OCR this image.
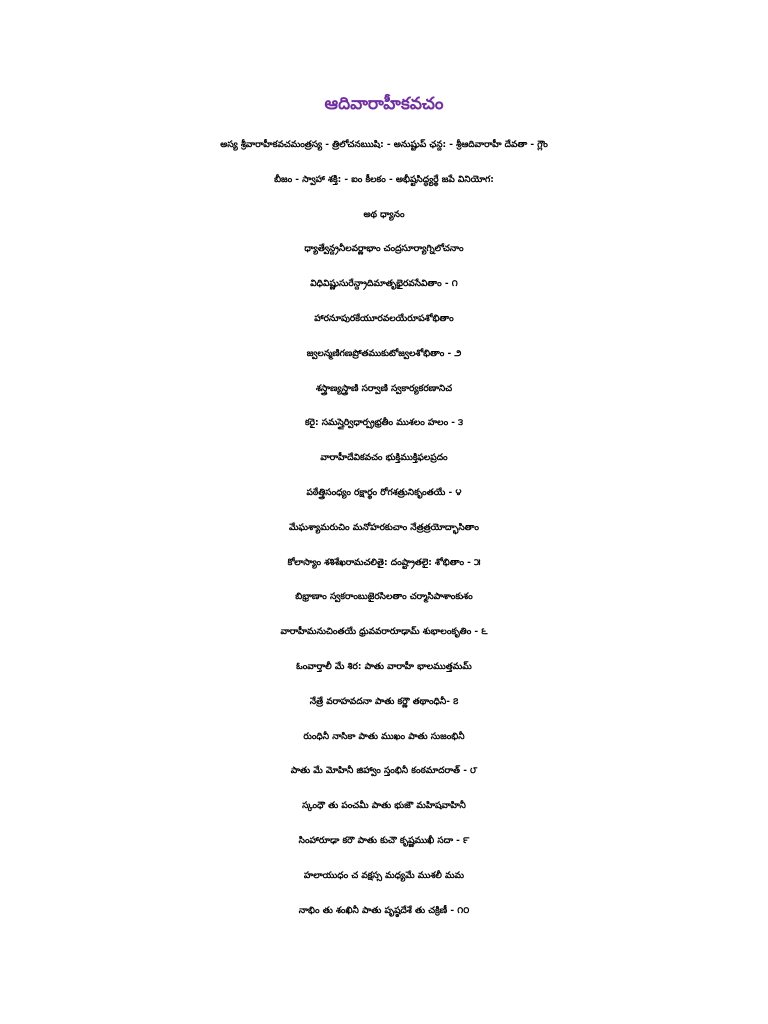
ఆదివారాహీకవచం
అస్య శ్రీవారాహీకవచమంత్రస్య - త్రిలోచనఋషి: - అనుష్టుప్ ఛన్ద: - శ్రీఆదివారాహీ దేవతా - గ్లౌం
బీజం - స్వాహా శక్తి: - ఐం కీలకం - అభీష్టసిద్ధ్యర్థే జపే వినియోగ:
అథ ధ్యానం
ధ్యాత్వేన్ద్రనీలవర్ణాభాం చంద్రసూర్యాగ్నిలోచనాం
విధివిష్ణుసురేన్ద్రాదిమాతృభైరవసేవితాం - ౧
హారనూపురకేయూరవలయేరూపశోభితాం
జ్వలన్మణిగణప్రోతముకుటోజ్వలశోభితాం - ౨
శస్త్రాణ్యస్త్రాణి సర్వాణి స్వకార్యకరణానిచ
కరై: సమస్తైర్విధార్ప్రభ్రతీం ముశలం హలం - ౩
వారాహీదేవికవచం భుక్తిముక్తిఫలప్రదం
పఠేత్త్రిసంధ్యం రక్షార్థం రోగశత్రునికృంతయే - ౪
మేఘశ్యామరుచిం మనోహరకుచాం నేత్రత్రయోద్భాసితాం
కోలాస్యాం శశిశేఖరామచలితై: దంష్ట్రాతలై: శోభితాం - ౫
బిభ్రాణాం స్వకరాంబుజైరసిలతాం చర్మాసిపాశాంకుశం
వారాహీమనుచింతయే ధ్రువవరారూఢామ్ శుభాలంకృతిం - ౬
ఓంవార్తాలీ మే శిర: పాతు వారాహీ భాలముత్తమమ్
నేత్రే వరాహవదనా పాతు కర్ణౌ తథాంధినీ- ౭
రుంధినీ నాసికా పాతు ముఖం పాతు సుజంభినీ
పాతు మే మోహినీ జిహ్వాం స్తంభినీ కంఠమాదరాత్ - ౮
స్కంధౌ తు పంచమీ పాతు భుజౌ మహిషవాహినీ
సింహారూఢా కరౌ పాతు కుచౌ కృష్ణముఖీ సదా - ౯
హలాయుధం చ వక్షస్స మధ్యమే ముశలీ మమ
నాభిం తు శంఖినీ పాతు పృష్ఠదేశే తు చక్రిణీ - ౧౦
